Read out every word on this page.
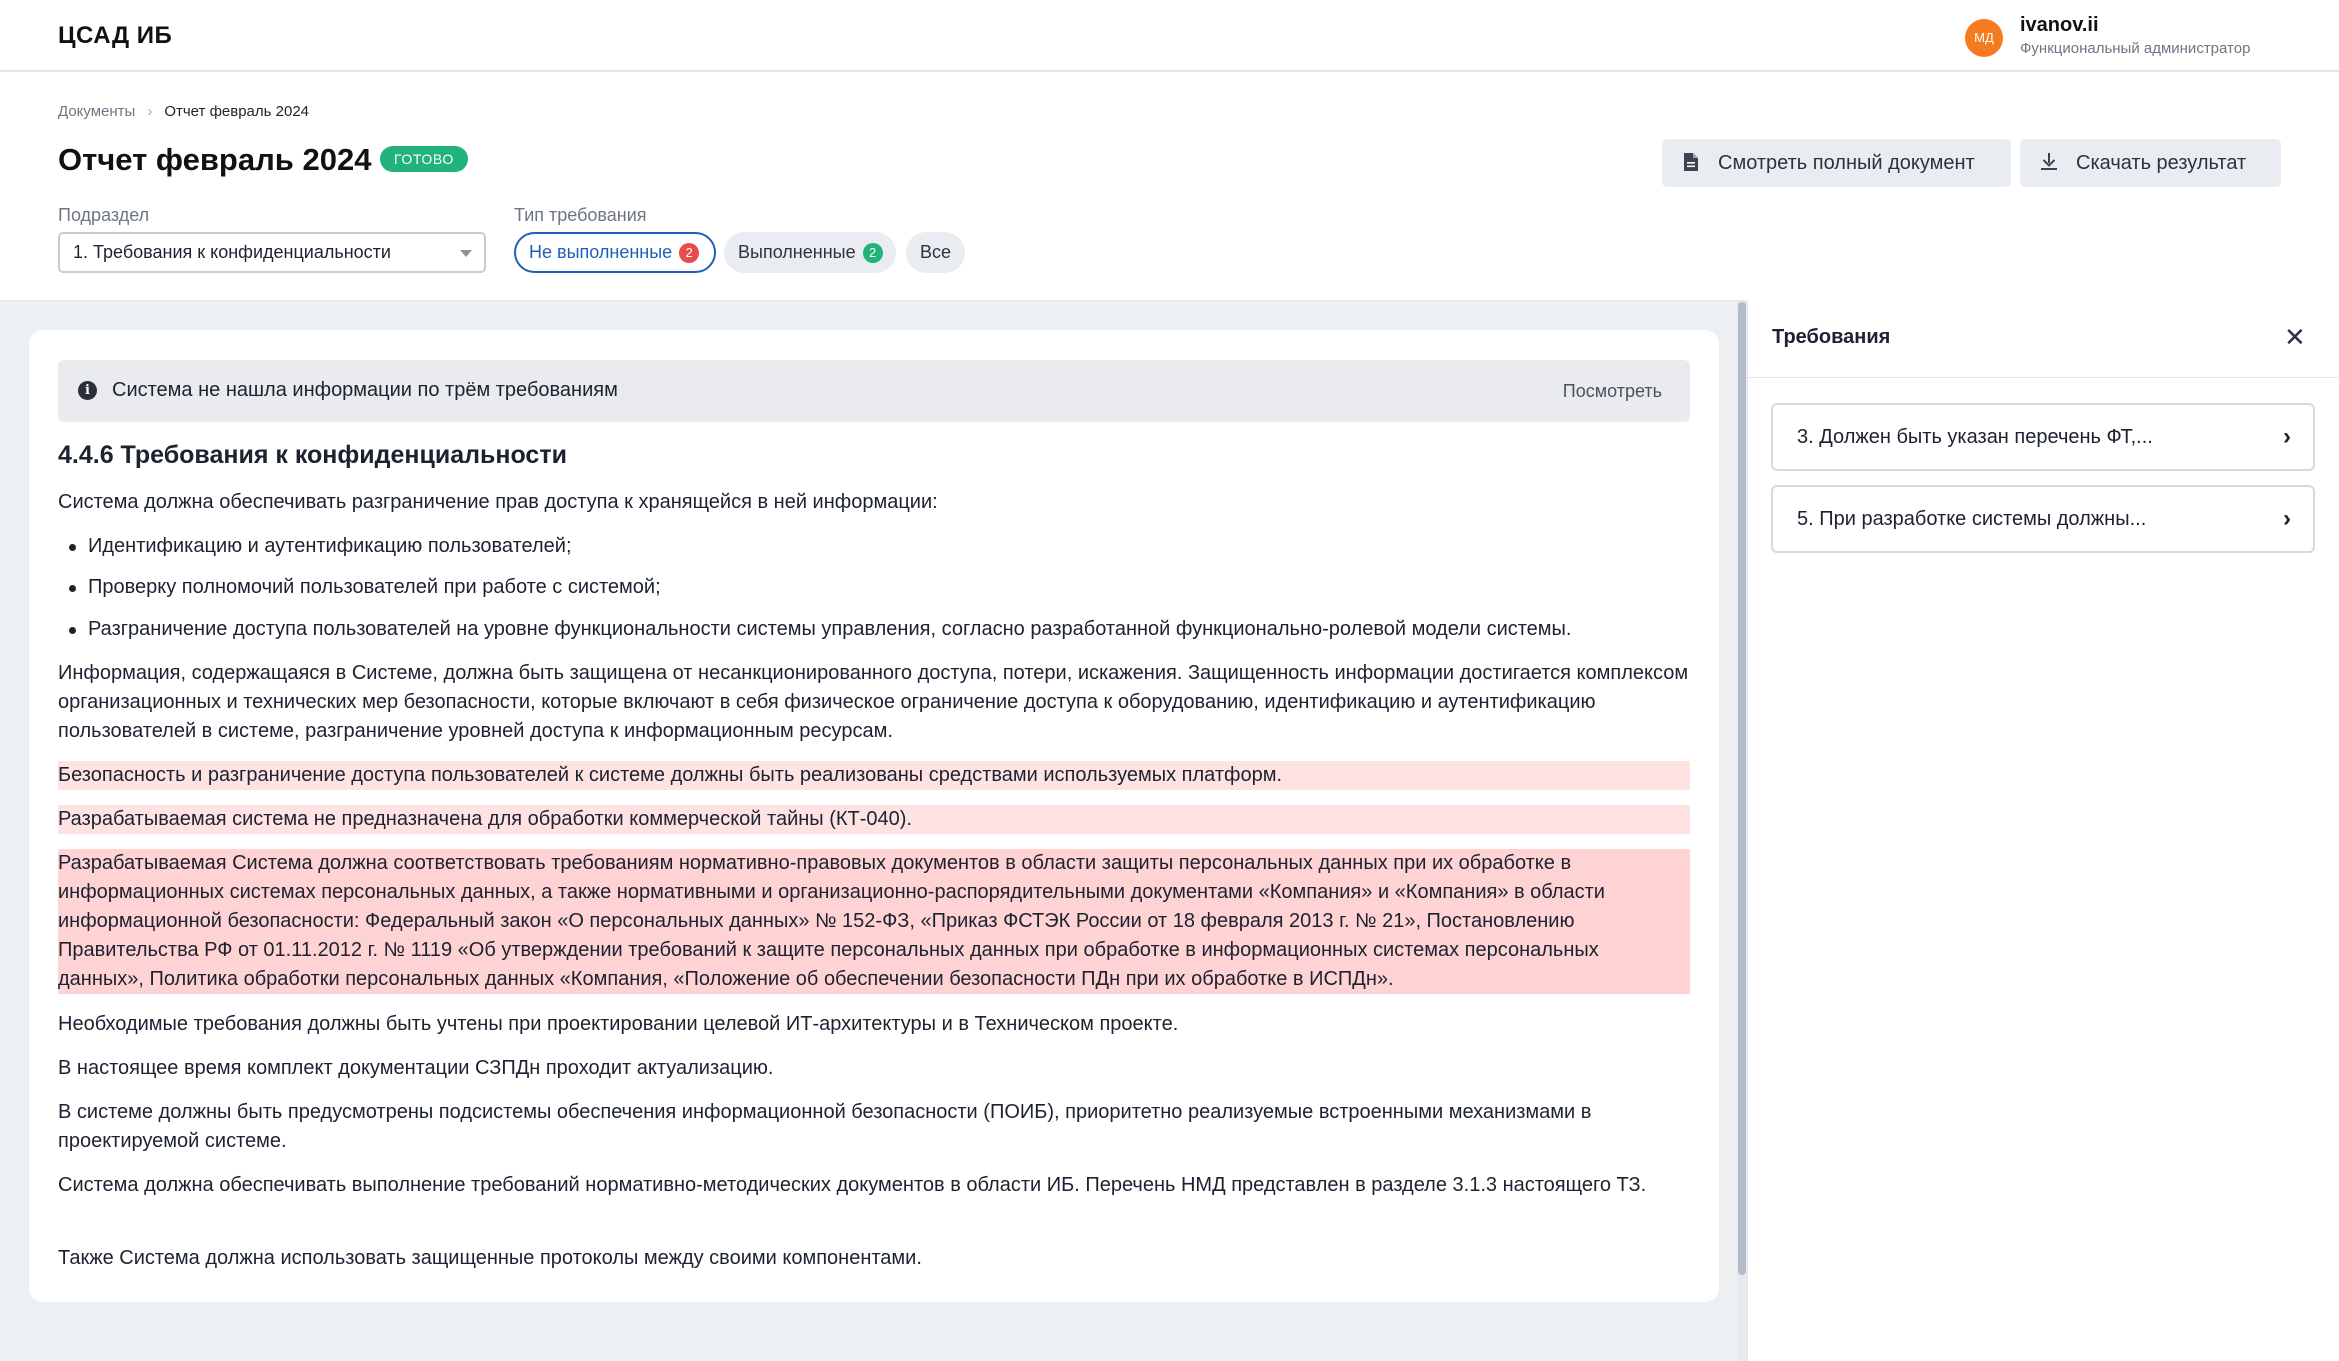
ЦСАД ИБ	МД
ivanov.ii
Функциональный администратор
Документы › Отчет февраль 2024
Отчет февраль 2024	ГОТОВО	Смотреть полный документ	Скачать результат
Подраздел
1. Требования к конфиденциальности
Тип требования
Не выполненные 2	Выполненные 2	Все
i	Система не нашла информации по трём требованиям	Посмотреть
4.4.6 Требования к конфиденциальности
Система должна обеспечивать разграничение прав доступа к хранящейся в ней информации:
Идентификацию и аутентификацию пользователей;
Проверку полномочий пользователей при работе с системой;
Разграничение доступа пользователей на уровне функциональности системы управления, согласно разработанной функционально-ролевой модели системы.
Информация, содержащаяся в Системе, должна быть защищена от несанкционированного доступа, потери, искажения. Защищенность информации достигается комплексом организационных и технических мер безопасности, которые включают в себя физическое ограничение доступа к оборудованию, идентификацию и аутентификацию пользователей в системе, разграничение уровней доступа к информационным ресурсам.
Безопасность и разграничение доступа пользователей к системе должны быть реализованы средствами используемых платформ.
Разрабатываемая система не предназначена для обработки коммерческой тайны (КТ-040).
Разрабатываемая Система должна соответствовать требованиям нормативно-правовых документов в области защиты персональных данных при их обработке в информационных системах персональных данных, а также нормативными и организационно-распорядительными документами «Компания» и «Компания» в области информационной безопасности: Федеральный закон «О персональных данных» № 152-ФЗ, «Приказ ФСТЭК России от 18 февраля 2013 г. № 21», Постановлению Правительства РФ от 01.11.2012 г. № 1119 «Об утверждении требований к защите персональных данных при обработке в информационных системах персональных данных», Политика обработки персональных данных «Компания, «Положение об обеспечении безопасности ПДн при их обработке в ИСПДн».
Необходимые требования должны быть учтены при проектировании целевой ИТ-архитектуры и в Техническом проекте.
В настоящее время комплект документации СЗПДн проходит актуализацию.
В системе должны быть предусмотрены подсистемы обеспечения информационной безопасности (ПОИБ), приоритетно реализуемые встроенными механизмами в проектируемой системе.
Система должна обеспечивать выполнение требований нормативно-методических документов в области ИБ. Перечень НМД представлен в разделе 3.1.3 настоящего ТЗ.
Также Система должна использовать защищенные протоколы между своими компонентами.
Требования	✕
3. Должен быть указан перечень ФТ,...	›
5. При разработке системы должны...	›
